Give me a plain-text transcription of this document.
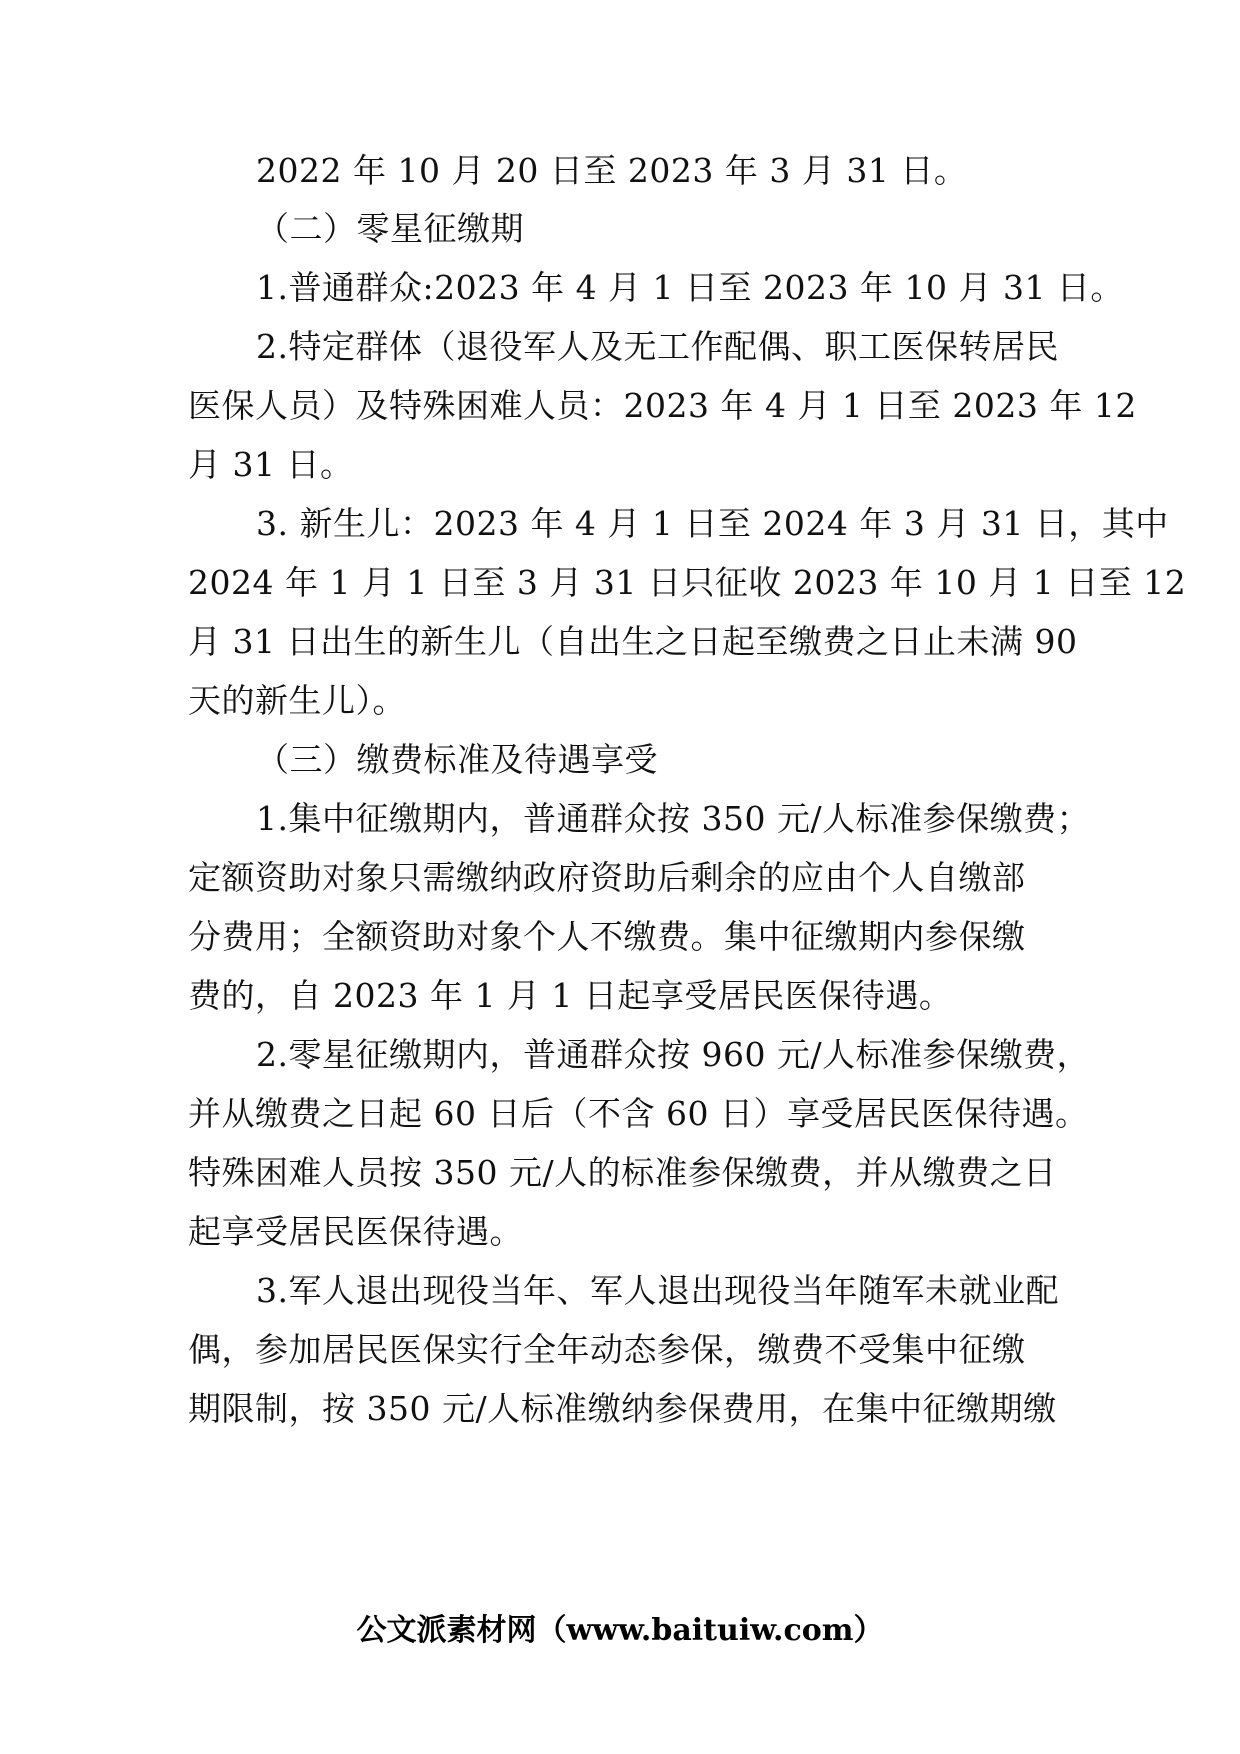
2022 年 10 月 20 日至 2023 年 3 月 31 日。
（二）零星征缴期
1.普通群众:2023 年 4 月 1 日至 2023 年 10 月 31 日。
2.特定群体（退役军人及无工作配偶、职工医保转居民
医保人员）及特殊困难人员：2023 年 4 月 1 日至 2023 年 12
月 31 日。
3. 新生儿：2023 年 4 月 1 日至 2024 年 3 月 31 日，其中
2024 年 1 月 1 日至 3 月 31 日只征收 2023 年 10 月 1 日至 12
月 31 日出生的新生儿（自出生之日起至缴费之日止未满 90
天的新生儿）。
（三）缴费标准及待遇享受
1.集中征缴期内，普通群众按 350 元/人标准参保缴费；
定额资助对象只需缴纳政府资助后剩余的应由个人自缴部
分费用；全额资助对象个人不缴费。集中征缴期内参保缴
费的，自 2023 年 1 月 1 日起享受居民医保待遇。
2.零星征缴期内，普通群众按 960 元/人标准参保缴费，
并从缴费之日起 60 日后（不含 60 日）享受居民医保待遇。
特殊困难人员按 350 元/人的标准参保缴费，并从缴费之日
起享受居民医保待遇。
3.军人退出现役当年、军人退出现役当年随军未就业配
偶，参加居民医保实行全年动态参保，缴费不受集中征缴
期限制，按 350 元/人标准缴纳参保费用，在集中征缴期缴
公文派素材网（www.baituiw.com）
